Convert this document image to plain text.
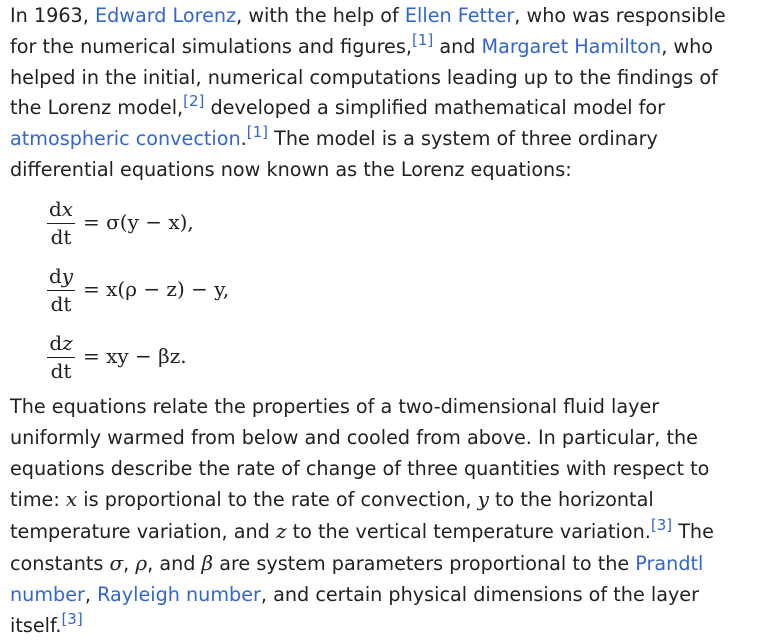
In 1963, Edward Lorenz, with the help of Ellen Fetter, who was responsible for the numerical simulations and figures,[1] and Margaret Hamilton, who helped in the initial, numerical computations leading up to the findings of the Lorenz model,[2] developed a simplified mathematical model for atmospheric convection.[1] The model is a system of three ordinary differential equations now known as the Lorenz equations:

dx
dt
= σ(y − x),
dy
dt
= x(ρ − z) − y,
dz
dt
= xy − βz.

The equations relate the properties of a two-dimensional fluid layer uniformly warmed from below and cooled from above. In particular, the equations describe the rate of change of three quantities with respect to time: x is proportional to the rate of convection, y to the horizontal temperature variation, and z to the vertical temperature variation.[3] The constants σ, ρ, and β are system parameters proportional to the Prandtl number, Rayleigh number, and certain physical dimensions of the layer itself.[3]
